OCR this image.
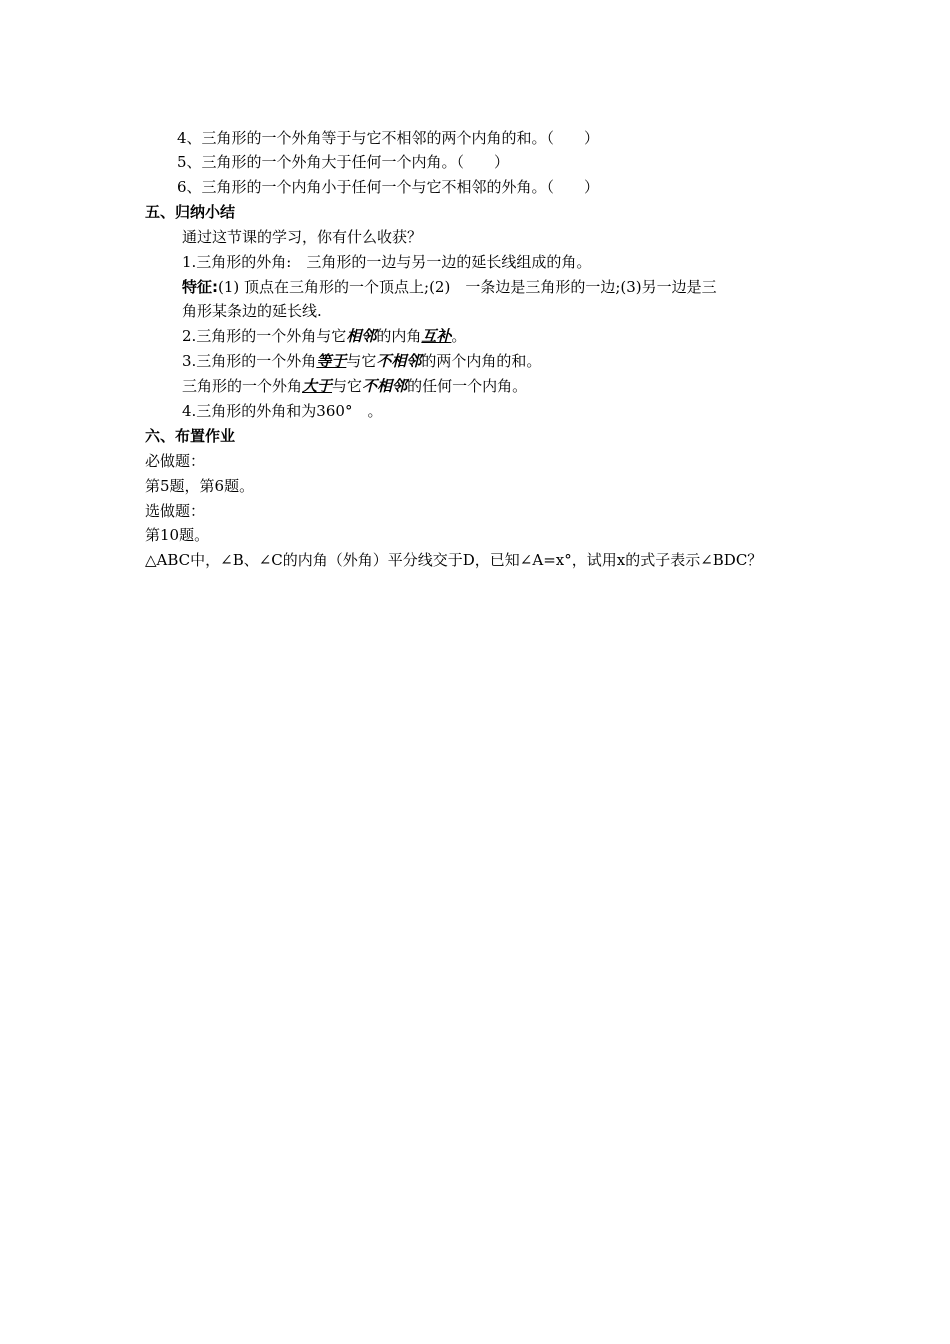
4、三角形的一个外角等于与它不相邻的两个内角的和。（　　）
5、三角形的一个外角大于任何一个内角。（　　）
6、三角形的一个内角小于任何一个与它不相邻的外角。（　　）
五、归纳小结
通过这节课的学习，你有什么收获？
1.三角形的外角:　三角形的一边与另一边的延长线组成的角。
特征:(1) 顶点在三角形的一个顶点上;(2)　一条边是三角形的一边;(3)另一边是三
角形某条边的延长线.
2.三角形的一个外角与它相邻的内角互补。
3.三角形的一个外角等于与它不相邻的两个内角的和。
三角形的一个外角大于与它不相邻的任何一个内角。
4.三角形的外角和为360°　。
六、布置作业
必做题：
第5题，第6题。
选做题：
第10题。
△ABC中，∠B、∠C的内角（外角）平分线交于D，已知∠A=x°，试用x的式子表示∠BDC？
